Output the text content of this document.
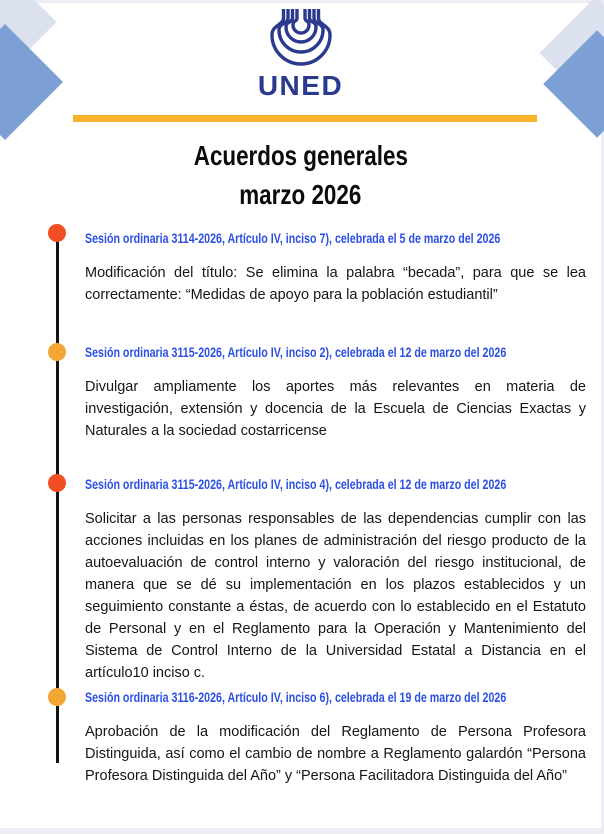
UNED
Acuerdos generales
marzo 2026
Sesión ordinaria 3114-2026, Artículo IV, inciso 7), celebrada el 5 de marzo del 2026
Modificación del título: Se elimina la palabra “becada”, para que se lea correctamente: “Medidas de apoyo para la población estudiantil”
Sesión ordinaria 3115-2026, Artículo IV, inciso 2), celebrada el 12 de marzo del 2026
Divulgar ampliamente los aportes más relevantes en materia de investigación, extensión y docencia de la Escuela de Ciencias Exactas y Naturales a la sociedad costarricense
Sesión ordinaria 3115-2026, Artículo IV, inciso 4), celebrada el 12 de marzo del 2026
Solicitar a las personas responsables de las dependencias cumplir con las acciones incluidas en los planes de administración del riesgo producto de la autoevaluación de control interno y valoración del riesgo institucional, de manera que se dé su implementación en los plazos establecidos y un seguimiento constante a éstas, de acuerdo con lo establecido en el Estatuto de Personal y en el Reglamento para la Operación y Mantenimiento del Sistema de Control Interno de la Universidad Estatal a Distancia en el artículo10 inciso c.
Sesión ordinaria 3116-2026, Artículo IV, inciso 6), celebrada el 19 de marzo del 2026
Aprobación de la modificación del Reglamento de Persona Profesora Distinguida, así como el cambio de nombre a Reglamento galardón “Persona Profesora Distinguida del Año” y “Persona Facilitadora Distinguida del Año”
